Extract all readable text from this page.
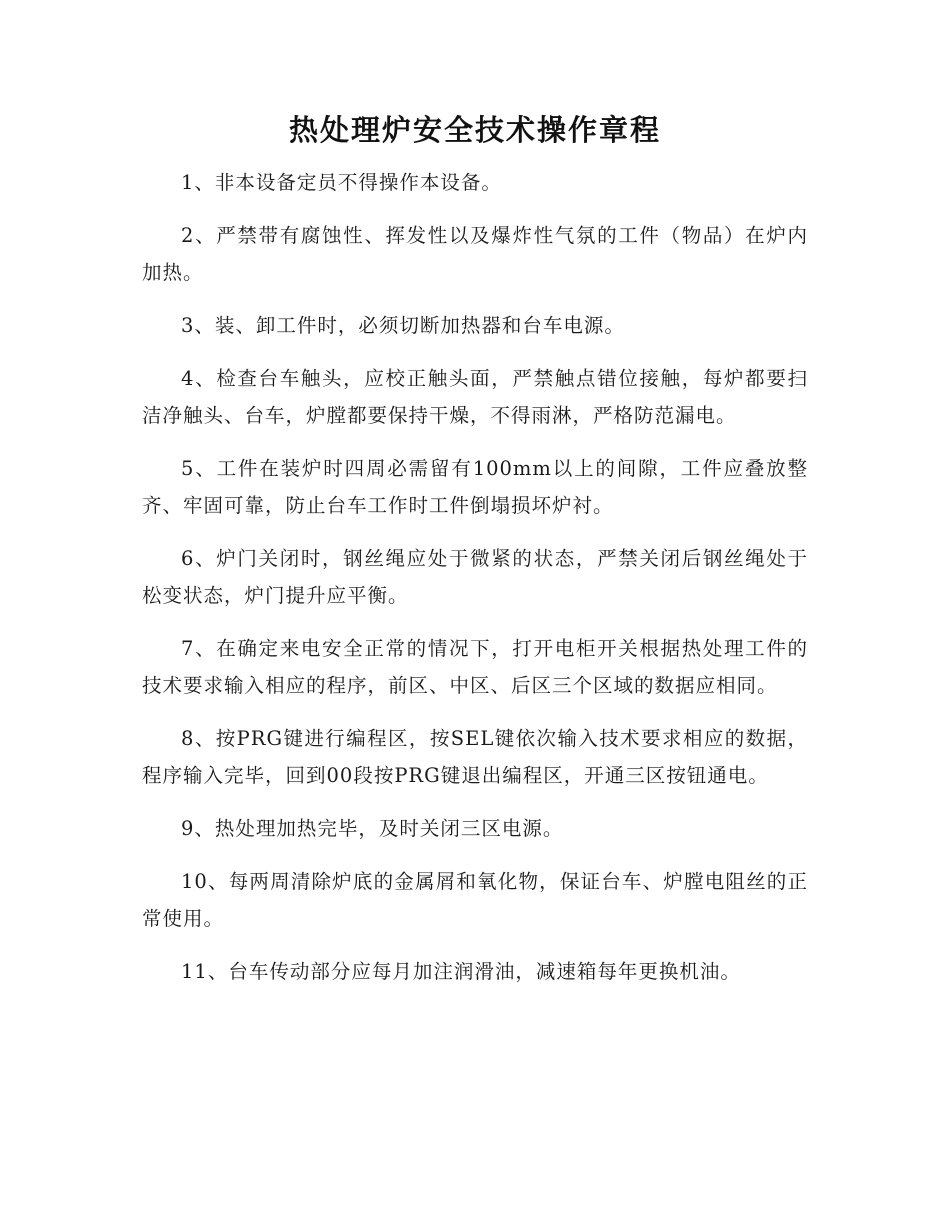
热处理炉安全技术操作章程

1、非本设备定员不得操作本设备。

2、严禁带有腐蚀性、挥发性以及爆炸性气氛的工件（物品）在炉内加热。

3、装、卸工件时，必须切断加热器和台车电源。

4、检查台车触头，应校正触头面，严禁触点错位接触，每炉都要扫洁净触头、台车，炉膛都要保持干燥，不得雨淋，严格防范漏电。

5、工件在装炉时四周必需留有100mm以上的间隙，工件应叠放整齐、牢固可靠，防止台车工作时工件倒塌损坏炉衬。

6、炉门关闭时，钢丝绳应处于微紧的状态，严禁关闭后钢丝绳处于松变状态，炉门提升应平衡。

7、在确定来电安全正常的情况下，打开电柜开关根据热处理工件的技术要求输入相应的程序，前区、中区、后区三个区域的数据应相同。

8、按PRG键进行编程区，按SEL键依次输入技术要求相应的数据，程序输入完毕，回到00段按PRG键退出编程区，开通三区按钮通电。

9、热处理加热完毕，及时关闭三区电源。

10、每两周清除炉底的金属屑和氧化物，保证台车、炉膛电阻丝的正常使用。

11、台车传动部分应每月加注润滑油，减速箱每年更换机油。
